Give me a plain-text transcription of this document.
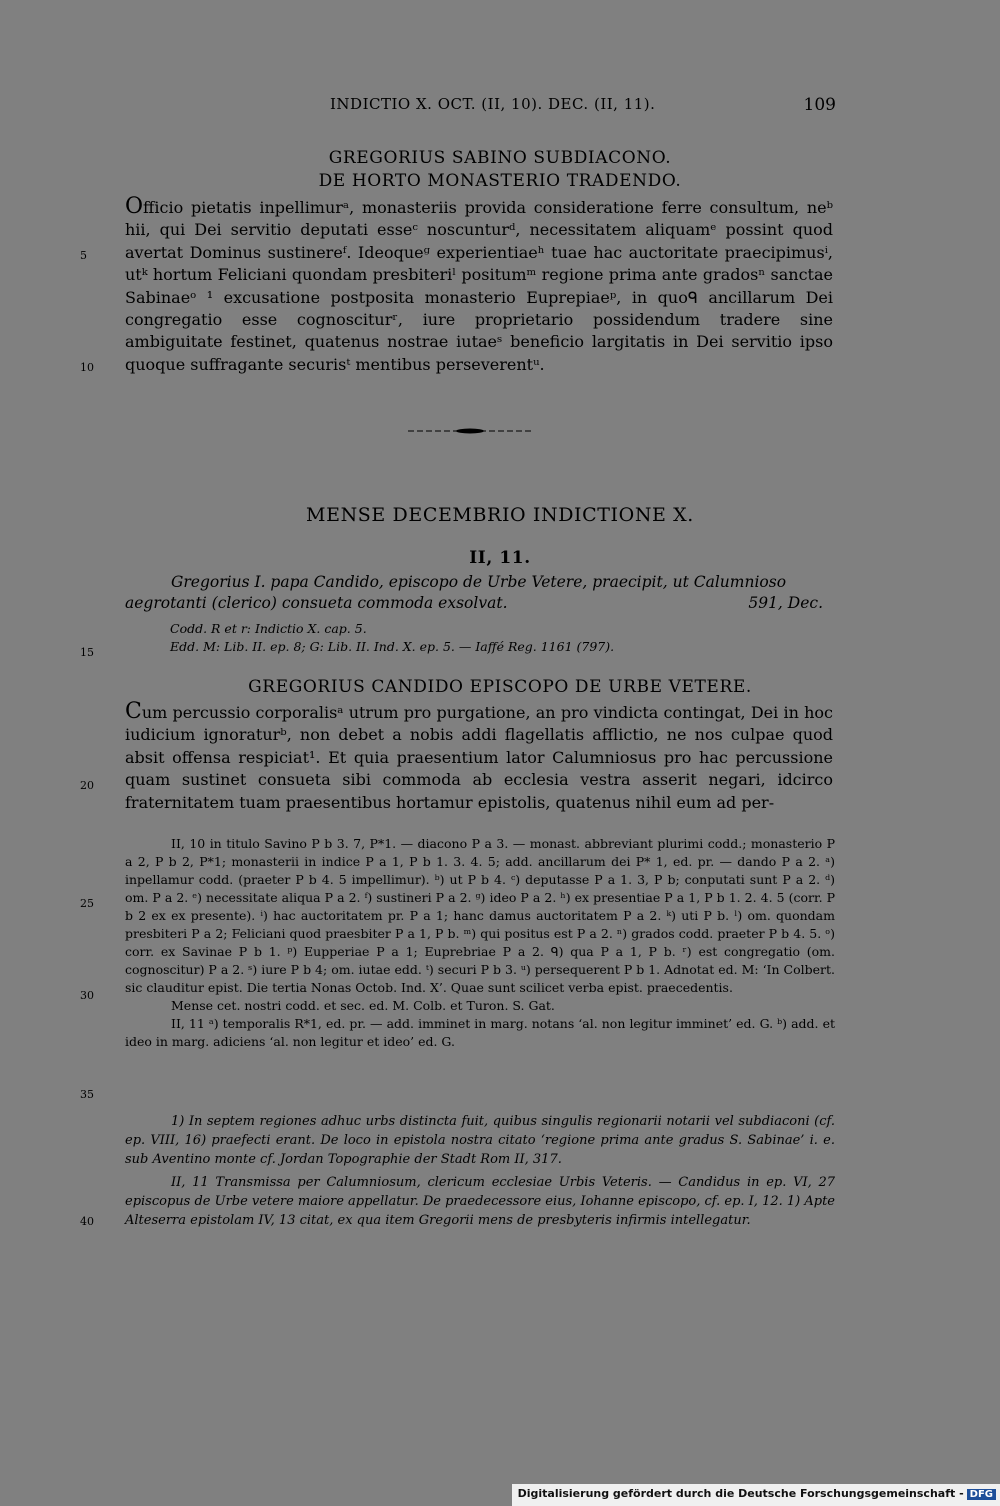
INDICTIO X. OCT. (II, 10). DEC. (II, 11).	109
GREGORIUS SABINO SUBDIACONO.
DE HORTO MONASTERIO TRADENDO.
Officio pietatis inpellimurᵃ, monasteriis provida consideratione ferre consultum, neᵇ hii, qui Dei servitio deputati esseᶜ noscunturᵈ, necessitatem aliquamᵉ possint quod avertat Dominus sustinereᶠ. Ideoqueᵍ experientiaeʰ tuae hac auctoritate praecipimusⁱ, utᵏ hortum Feliciani quondam presbiteriˡ positumᵐ regione prima ante gradosⁿ sanctae Sabinaeᵒ ¹ excusatione postposita monasterio Euprepiaeᵖ, in quoᑫ ancillarum Dei congregatio esse cognosciturʳ, iure proprietario possidendum tradere sine ambiguitate festinet, quatenus nostrae iutaeˢ beneficio largitatis in Dei servitio ipso quoque suffragante securisᵗ mentibus perseverentᵘ.
MENSE DECEMBRIO INDICTIONE X.
II, 11.
Gregorius I. papa Candido, episcopo de Urbe Vetere, praecipit, ut Calumnioso aegrotanti (clerico) consueta commoda exsolvat.	591, Dec.
Codd. R et r: Indictio X. cap. 5.
Edd. M: Lib. II. ep. 8; G: Lib. II. Ind. X. ep. 5. — Iaffé Reg. 1161 (797).
GREGORIUS CANDIDO EPISCOPO DE URBE VETERE.
Cum percussio corporalisᵃ utrum pro purgatione, an pro vindicta contingat, Dei in hoc iudicium ignoraturᵇ, non debet a nobis addi flagellatis afflictio, ne nos culpae quod absit offensa respiciat¹. Et quia praesentium lator Calumniosus pro hac percussione quam sustinet consueta sibi commoda ab ecclesia vestra asserit negari, idcirco fraternitatem tuam praesentibus hortamur epistolis, quatenus nihil eum ad per-
5
10
15
20
25
30
35
40

II, 10 in titulo Savino P b 3. 7, P*1. — diacono P a 3. — monast. abbreviant plurimi codd.; monasterio P a 2, P b 2, P*1; monasterii in indice P a 1, P b 1. 3. 4. 5; add. ancillarum dei P* 1, ed. pr. — dando P a 2. ᵃ) inpellamur codd. (praeter P b 4. 5 impellimur). ᵇ) ut P b 4. ᶜ) deputasse P a 1. 3, P b; conputati sunt P a 2. ᵈ) om. P a 2. ᵉ) necessitate aliqua P a 2. ᶠ) sustineri P a 2. ᵍ) ideo P a 2. ʰ) ex presentiae P a 1, P b 1. 2. 4. 5 (corr. P b 2 ex ex presente). ⁱ) hac auctoritatem pr. P a 1; hanc damus auctoritatem P a 2. ᵏ) uti P b. ˡ) om. quondam presbiteri P a 2; Feliciani quod praesbiter P a 1, P b. ᵐ) qui positus est P a 2. ⁿ) grados codd. praeter P b 4. 5. ᵒ) corr. ex Savinae P b 1. ᵖ) Eupperiae P a 1; Euprebriae P a 2. ᑫ) qua P a 1, P b. ʳ) est congregatio (om. cognoscitur) P a 2. ˢ) iure P b 4; om. iutae edd. ᵗ) securi P b 3. ᵘ) persequerent P b 1. Adnotat ed. M: ‘In Colbert. sic clauditur epist. Die tertia Nonas Octob. Ind. X’. Quae sunt scilicet verba epist. praecedentis.

Mense cet. nostri codd. et sec. ed. M. Colb. et Turon. S. Gat.

II, 11 ᵃ) temporalis R*1, ed. pr. — add. imminet in marg. notans ‘al. non legitur imminet’ ed. G. ᵇ) add. et ideo in marg. adiciens ‘al. non legitur et ideo’ ed. G.

1) In septem regiones adhuc urbs distincta fuit, quibus singulis regionarii notarii vel subdiaconi (cf. ep. VIII, 16) praefecti erant. De loco in epistola nostra citato ‘regione prima ante gradus S. Sabinae’ i. e. sub Aventino monte cf. Jordan Topographie der Stadt Rom II, 317.

II, 11 Transmissa per Calumniosum, clericum ecclesiae Urbis Veteris. — Candidus in ep. VI, 27 episcopus de Urbe vetere maiore appellatur. De praedecessore eius, Iohanne episcopo, cf. ep. I, 12. 1) Apte Alteserra epistolam IV, 13 citat, ex qua item Gregorii mens de presbyteris infirmis intellegatur.

Digitalisierung gefördert durch die Deutsche Forschungsgemeinschaft - DFG
